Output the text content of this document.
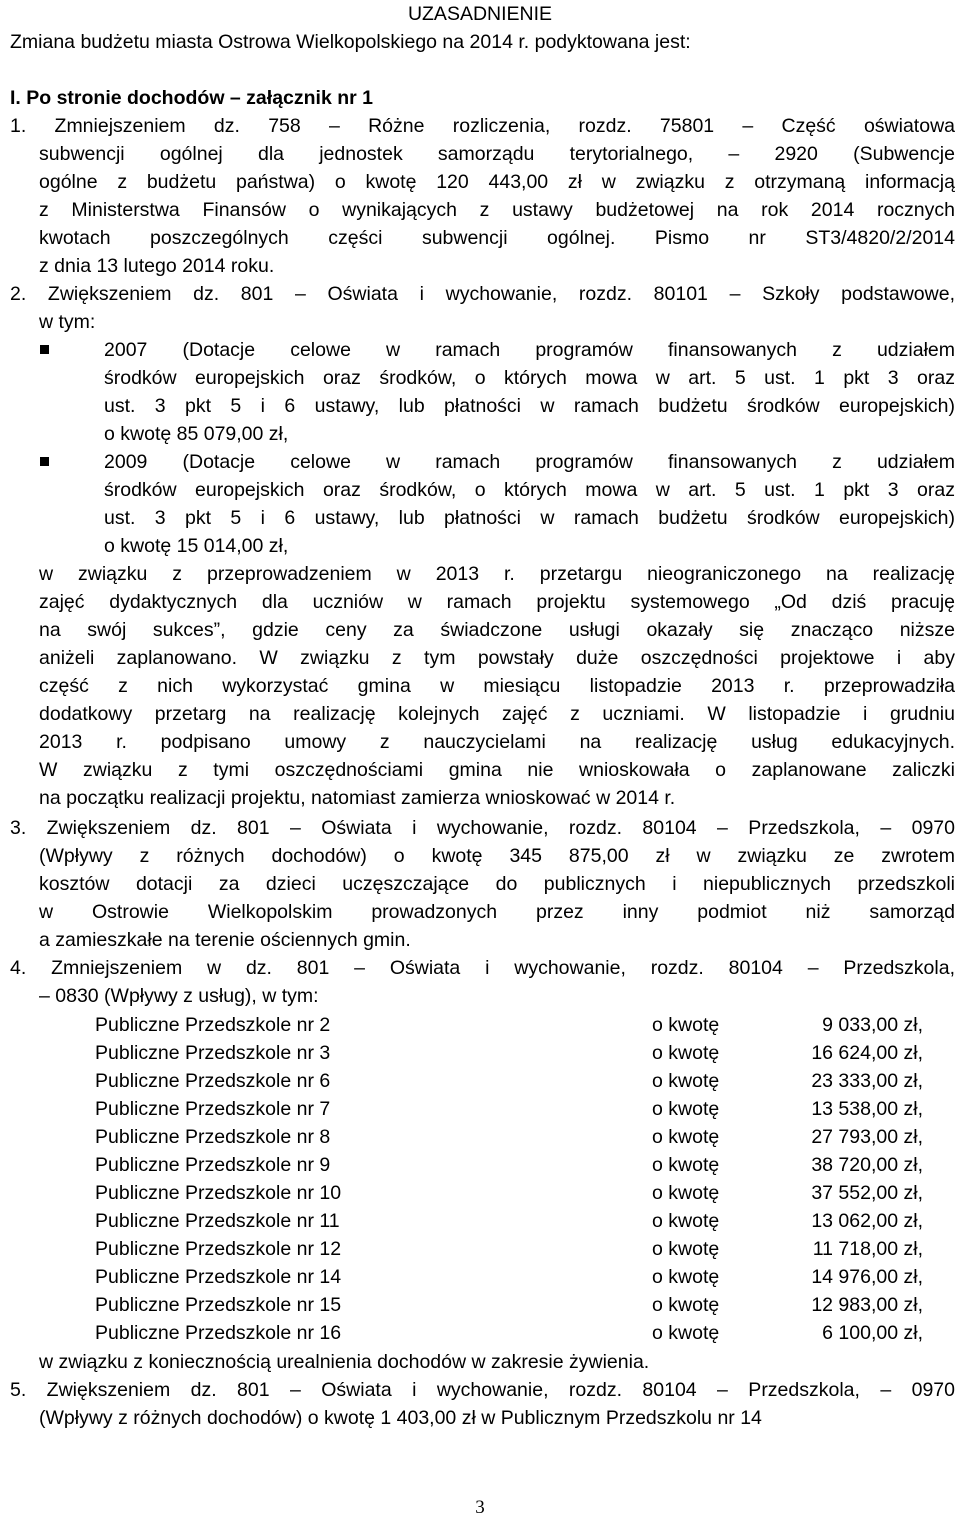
UZASADNIENIE
Zmiana budżetu miasta Ostrowa Wielkopolskiego na 2014 r. podyktowana jest:
I. Po stronie dochodów – załącznik nr 1
1. Zmniejszeniem dz. 758 – Różne rozliczenia, rozdz. 75801 – Część oświatowa
subwencji ogólnej dla jednostek samorządu terytorialnego, – 2920 (Subwencje
ogólne z budżetu państwa) o kwotę 120 443,00 zł w związku z otrzymaną informacją
z Ministerstwa Finansów o wynikających z ustawy budżetowej na rok 2014 rocznych
kwotach poszczególnych części subwencji ogólnej. Pismo nr ST3/4820/2/2014
z dnia 13 lutego 2014 roku.
2. Zwiększeniem dz. 801 – Oświata i wychowanie, rozdz. 80101 – Szkoły podstawowe,
w tym:
2007 (Dotacje celowe w ramach programów finansowanych z udziałem
środków europejskich oraz środków, o których mowa w art. 5 ust. 1 pkt 3 oraz
ust. 3 pkt 5 i 6 ustawy, lub płatności w ramach budżetu środków europejskich)
o kwotę 85 079,00 zł,
2009 (Dotacje celowe w ramach programów finansowanych z udziałem
środków europejskich oraz środków, o których mowa w art. 5 ust. 1 pkt 3 oraz
ust. 3 pkt 5 i 6 ustawy, lub płatności w ramach budżetu środków europejskich)
o kwotę 15 014,00 zł,
w związku z przeprowadzeniem w 2013 r. przetargu nieograniczonego na realizację
zajęć dydaktycznych dla uczniów w ramach projektu systemowego „Od dziś pracuję
na swój sukces”, gdzie ceny za świadczone usługi okazały się znacząco niższe
aniżeli zaplanowano. W związku z tym powstały duże oszczędności projektowe i aby
część z nich wykorzystać gmina w miesiącu listopadzie 2013 r. przeprowadziła
dodatkowy przetarg na realizację kolejnych zajęć z uczniami. W listopadzie i grudniu
2013 r. podpisano umowy z nauczycielami na realizację usług edukacyjnych.
W związku z tymi oszczędnościami gmina nie wnioskowała o zaplanowane zaliczki
na początku realizacji projektu, natomiast zamierza wnioskować w 2014 r.
3. Zwiększeniem dz. 801 – Oświata i wychowanie, rozdz. 80104 – Przedszkola, – 0970
(Wpływy z różnych dochodów) o kwotę 345 875,00 zł w związku ze zwrotem
kosztów dotacji za dzieci uczęszczające do publicznych i niepublicznych przedszkoli
w Ostrowie Wielkopolskim prowadzonych przez inny podmiot niż samorząd
a zamieszkałe na terenie ościennych gmin.
4. Zmniejszeniem w dz. 801 – Oświata i wychowanie, rozdz. 80104 – Przedszkola,
– 0830 (Wpływy z usług), w tym:
Publiczne Przedszkole nr 2	o kwotę	9 033,00 zł,
Publiczne Przedszkole nr 3	o kwotę	16 624,00 zł,
Publiczne Przedszkole nr 6	o kwotę	23 333,00 zł,
Publiczne Przedszkole nr 7	o kwotę	13 538,00 zł,
Publiczne Przedszkole nr 8	o kwotę	27 793,00 zł,
Publiczne Przedszkole nr 9	o kwotę	38 720,00 zł,
Publiczne Przedszkole nr 10	o kwotę	37 552,00 zł,
Publiczne Przedszkole nr 11	o kwotę	13 062,00 zł,
Publiczne Przedszkole nr 12	o kwotę	11 718,00 zł,
Publiczne Przedszkole nr 14	o kwotę	14 976,00 zł,
Publiczne Przedszkole nr 15	o kwotę	12 983,00 zł,
Publiczne Przedszkole nr 16	o kwotę	6 100,00 zł,
w związku z koniecznością urealnienia dochodów w zakresie żywienia.
5. Zwiększeniem dz. 801 – Oświata i wychowanie, rozdz. 80104 – Przedszkola, – 0970
(Wpływy z różnych dochodów) o kwotę 1 403,00 zł w Publicznym Przedszkolu nr 14
3
